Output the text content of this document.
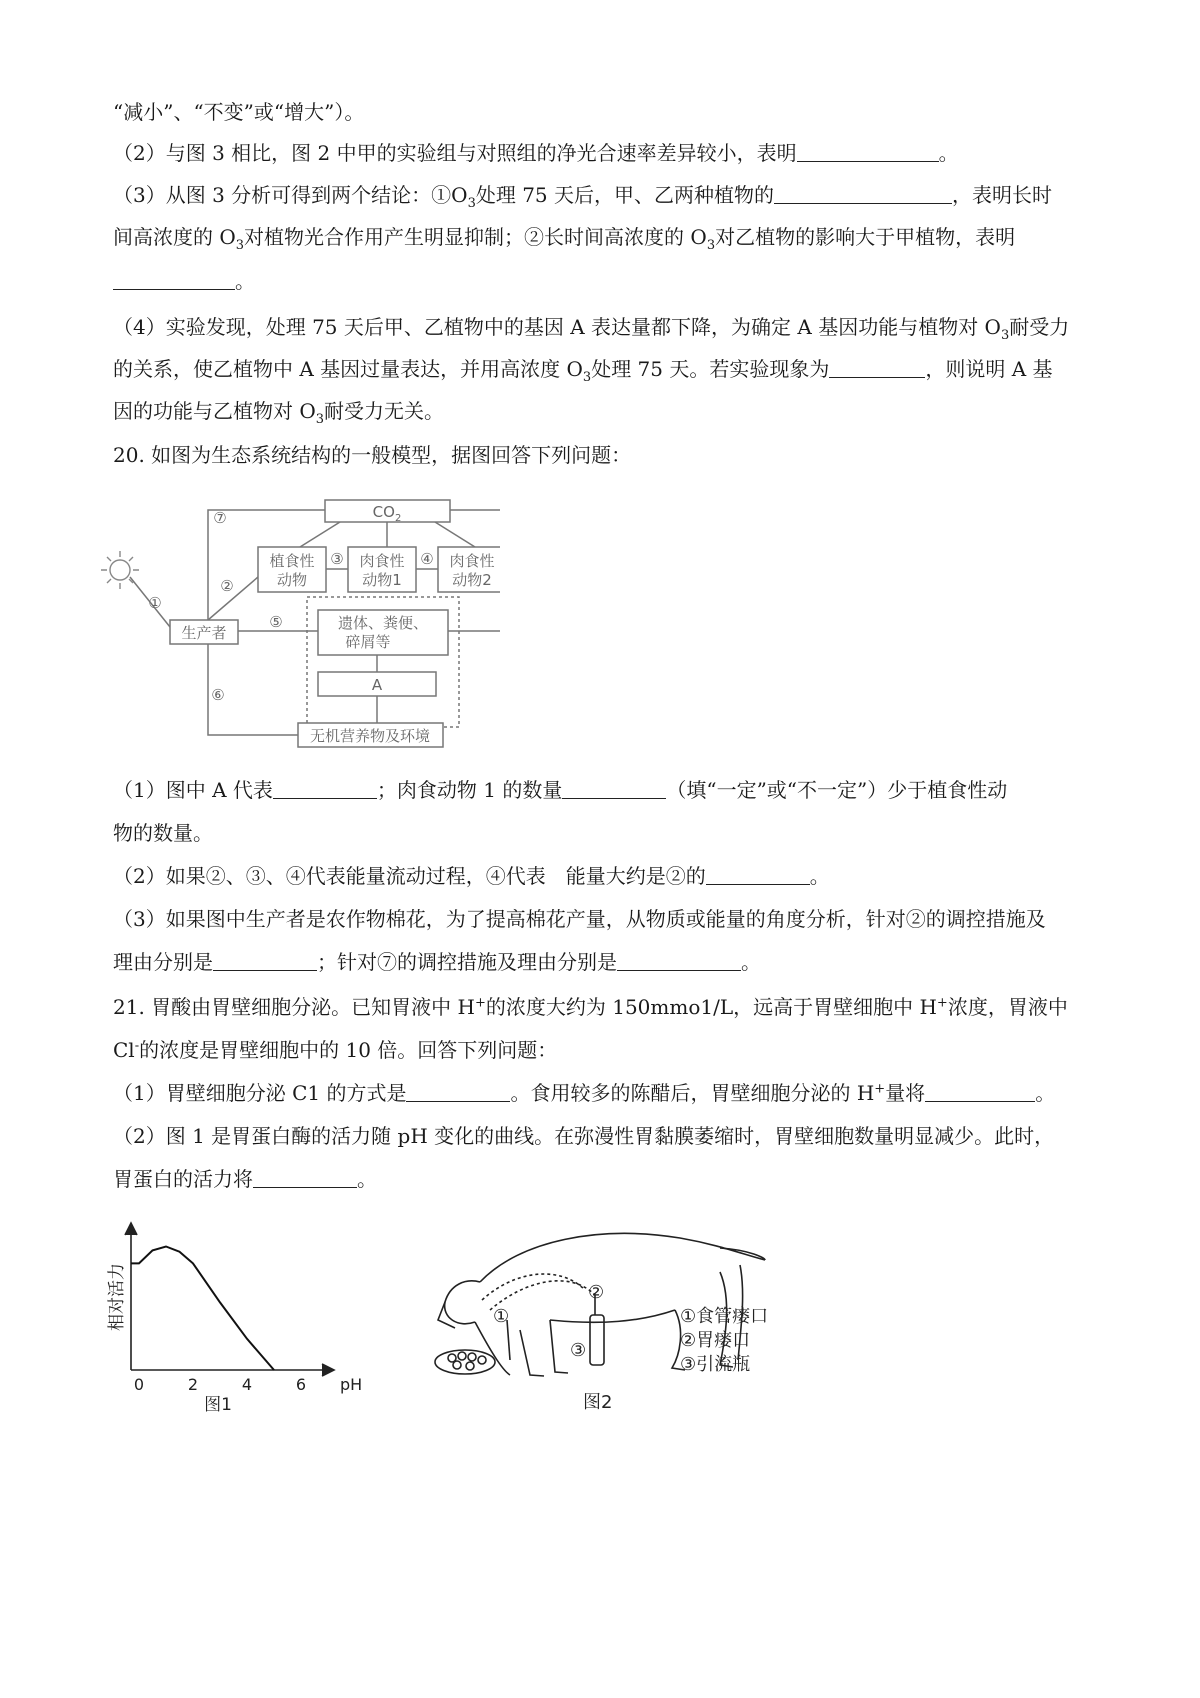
“减小”、“不变”或“增大”）。
（2）与图 3 相比，图 2 中甲的实验组与对照组的净光合速率差异较小，表明	。
（3）从图 3 分析可得到两个结论：$①O_3$处理 75 天后，甲、乙两种植物的	，表明长时
间高浓度的 $O_3$对植物光合作用产生明显抑制；②长时间高浓度的 $O_3$对乙植物的影响大于甲植物，表明
。
（4）实验发现，处理 75 天后甲、乙植物中的基因 A 表达量都下降，为确定 A 基因功能与植物对 $O_3$耐受力
的关系，使乙植物中 A 基因过量表达，并用高浓度 $O_3$处理 75 天。若实验现象为	，则说明 A 基
因的功能与乙植物对 $O_3$耐受力无关。
20. 如图为生态系统结构的一般模型，据图回答下列问题：
$CO_2$
植食性
动物
肉食性
动物1
肉食性
动物2
生产者
遗体、粪便、
碎屑等
A
无机营养物及环境
①
②
③	④
⑤
⑥
⑦
（1）图中 A 代表	；肉食动物 1 的数量	（填“一定”或“不一定”）少于植食性动
物的数量。
（2）如果②、③、④代表能量流动过程，④代表　能量大约是②的	。
（3）如果图中生产者是农作物棉花，为了提高棉花产量，从物质或能量的角度分析，针对②的调控措施及
理由分别是	；针对⑦的调控措施及理由分别是	。
21. 胃酸由胃壁细胞分泌。已知胃液中 H+的浓度大约为 150mmo1/L，远高于胃壁细胞中 H+浓度，胃液中
Cl-的浓度是胃壁细胞中的 10 倍。回答下列问题：
（1）胃壁细胞分泌 C1 的方式是	。食用较多的陈醋后，胃壁细胞分泌的 H+量将	。
（2）图 1 是胃蛋白酶的活力随 pH 变化的曲线。在弥漫性胃黏膜萎缩时，胃壁细胞数量明显减少。此时，
胃蛋白的活力将	。
相对活力
pH
0	2	4	6
图1
①
②
③
①食管瘘口
②胃瘘口
③引流瓶
图2
